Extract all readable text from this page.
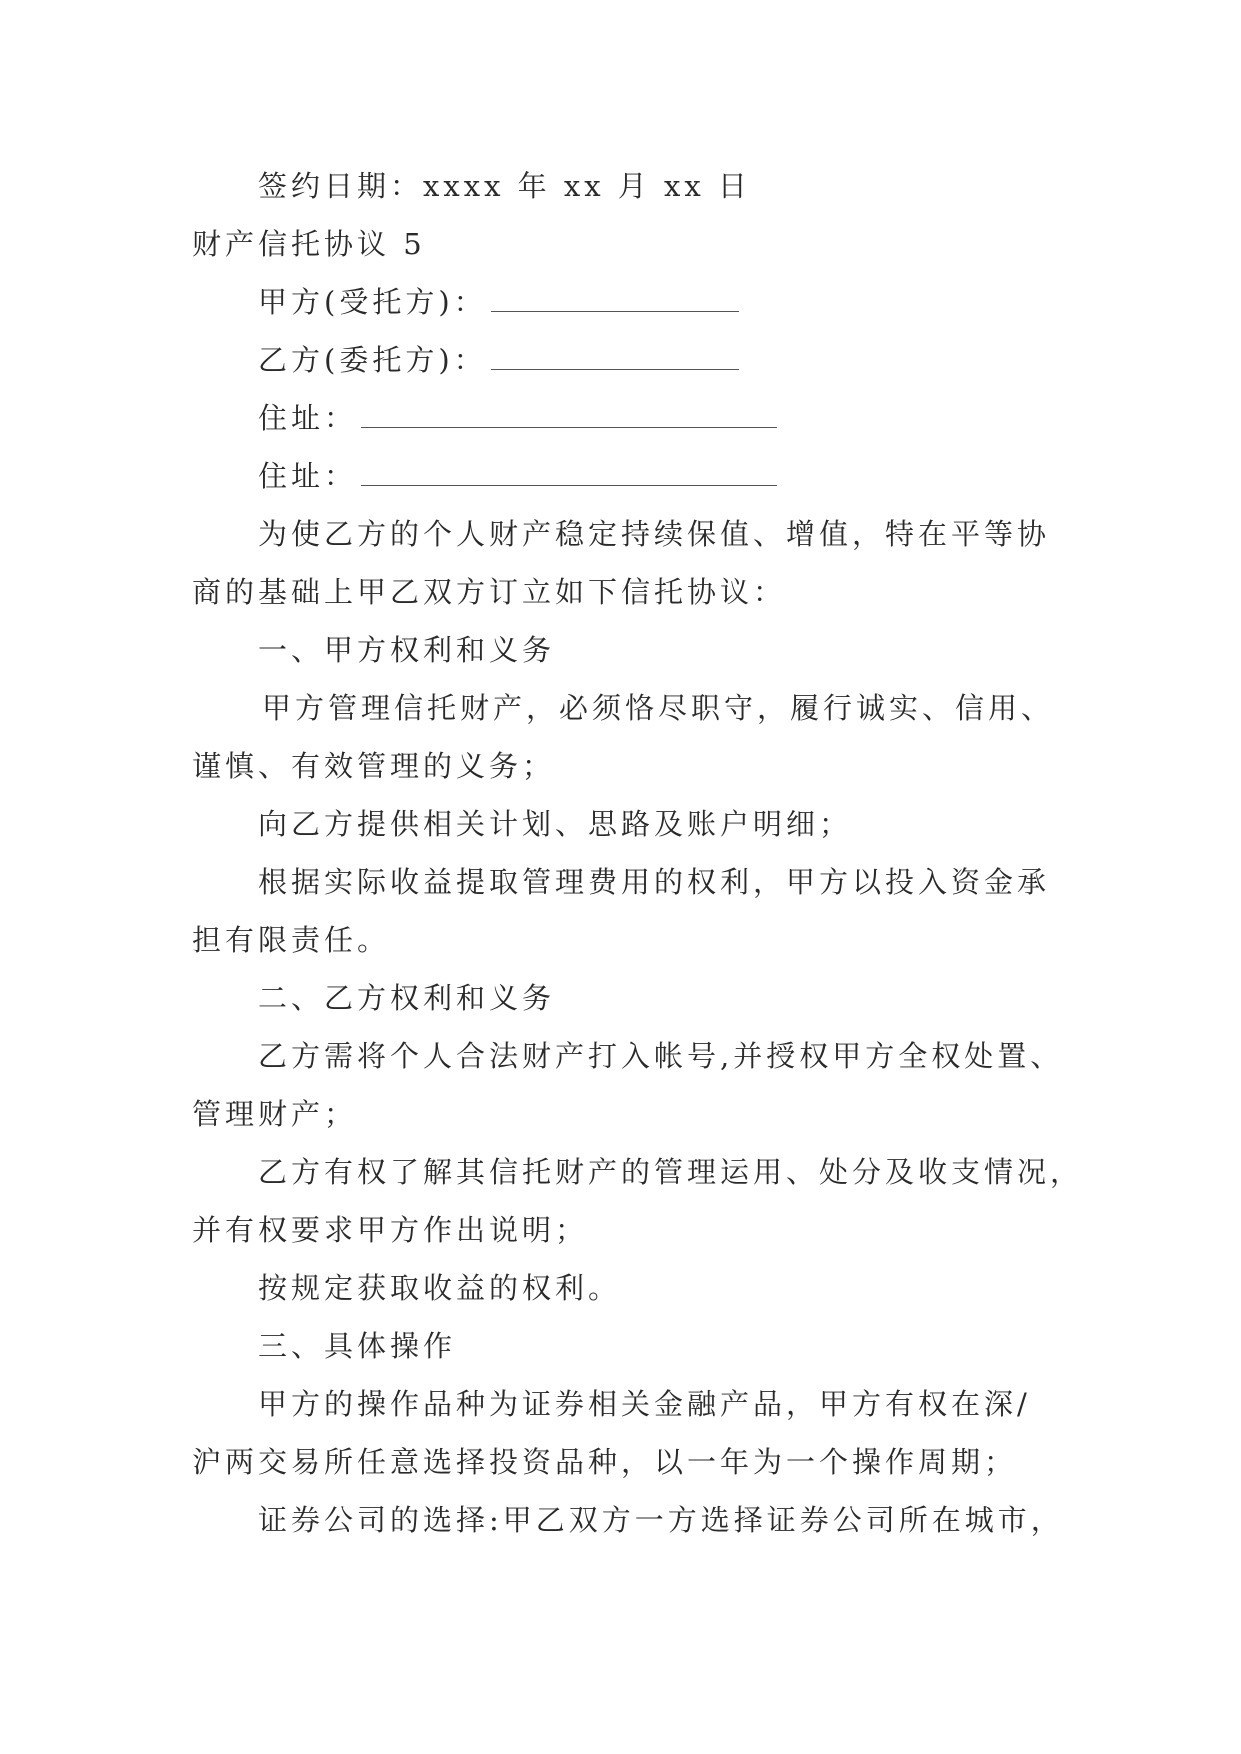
签约日期：xxxx 年 xx 月 xx 日
财产信托协议 5
甲方(受托方)：
乙方(委托方)：
住址：
住址：
为使乙方的个人财产稳定持续保值、增值，特在平等协
商的基础上甲乙双方订立如下信托协议：
一、甲方权利和义务
甲方管理信托财产，必须恪尽职守，履行诚实、信用、
谨慎、有效管理的义务；
向乙方提供相关计划、思路及账户明细；
根据实际收益提取管理费用的权利，甲方以投入资金承
担有限责任。
二、乙方权利和义务
乙方需将个人合法财产打入帐号,并授权甲方全权处置、
管理财产；
乙方有权了解其信托财产的管理运用、处分及收支情况，
并有权要求甲方作出说明；
按规定获取收益的权利。
三、具体操作
甲方的操作品种为证券相关金融产品，甲方有权在深/
沪两交易所任意选择投资品种，以一年为一个操作周期；
证券公司的选择:甲乙双方一方选择证券公司所在城市，
